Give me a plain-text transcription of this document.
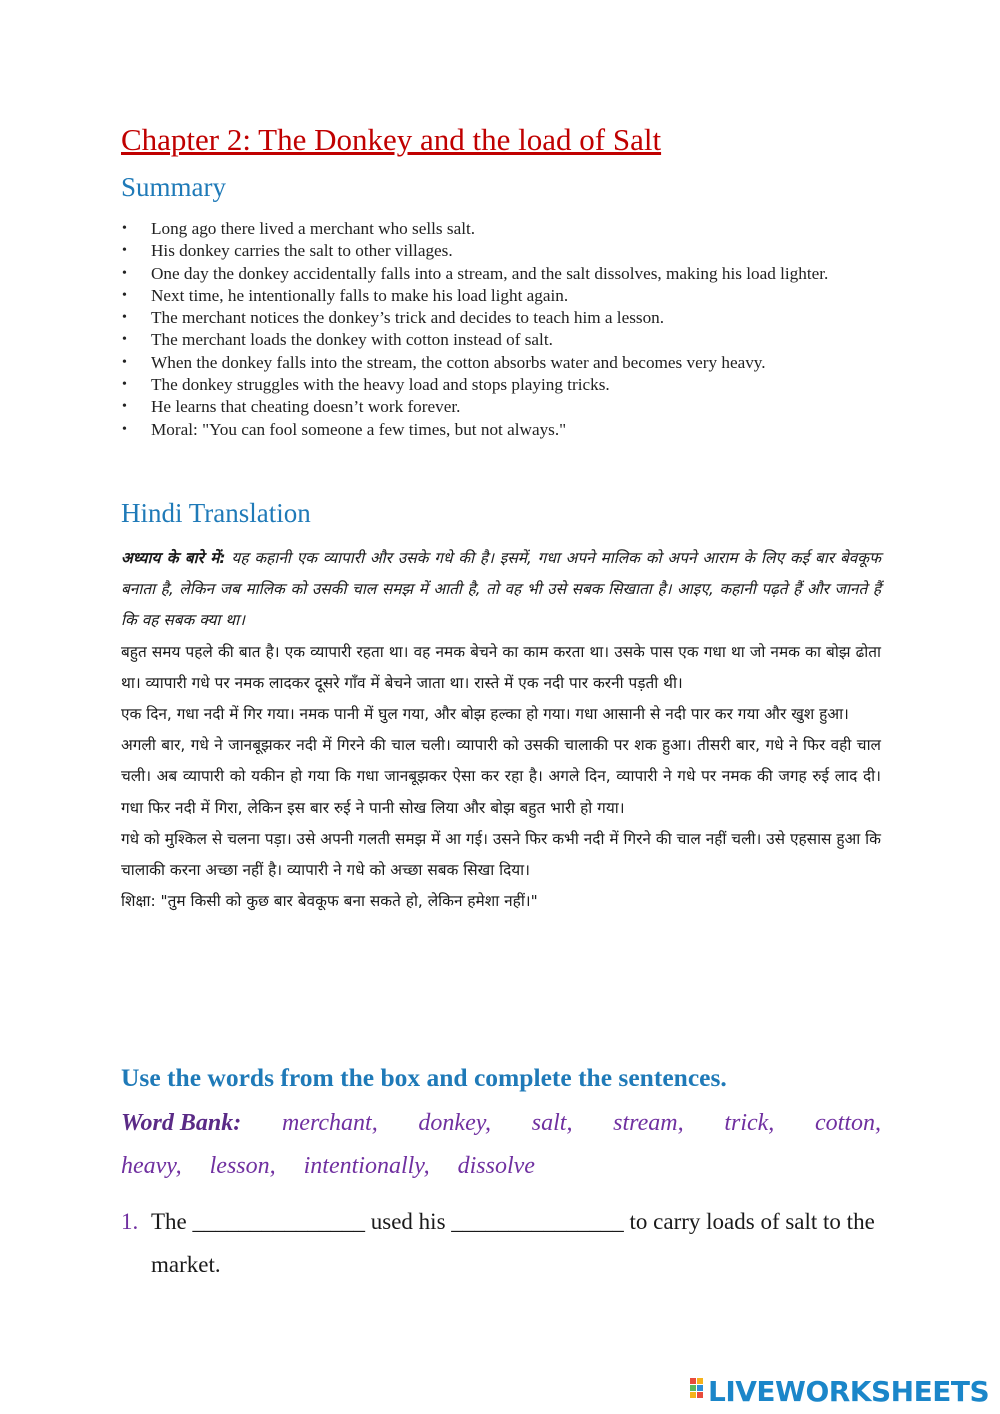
Chapter 2: The Donkey and the load of Salt
Summary
• Long ago there lived a merchant who sells salt.
• His donkey carries the salt to other villages.
• One day the donkey accidentally falls into a stream, and the salt dissolves, making his load lighter.
• Next time, he intentionally falls to make his load light again.
• The merchant notices the donkey’s trick and decides to teach him a lesson.
• The merchant loads the donkey with cotton instead of salt.
• When the donkey falls into the stream, the cotton absorbs water and becomes very heavy.
• The donkey struggles with the heavy load and stops playing tricks.
• He learns that cheating doesn’t work forever.
• Moral: "You can fool someone a few times, but not always."
Hindi Translation

अध्याय के बारे में: यह कहानी एक व्यापारी और उसके गधे की है। इसमें, गधा अपने मालिक को अपने आराम के लिए कई बार बेवकूफ बनाता है, लेकिन जब मालिक को उसकी चाल समझ में आती है, तो वह भी उसे सबक सिखाता है। आइए, कहानी पढ़ते हैं और जानते हैं कि वह सबक क्या था।

बहुत समय पहले की बात है। एक व्यापारी रहता था। वह नमक बेचने का काम करता था। उसके पास एक गधा था जो नमक का बोझ ढोता था। व्यापारी गधे पर नमक लादकर दूसरे गाँव में बेचने जाता था। रास्ते में एक नदी पार करनी पड़ती थी।

एक दिन, गधा नदी में गिर गया। नमक पानी में घुल गया, और बोझ हल्का हो गया। गधा आसानी से नदी पार कर गया और खुश हुआ।

अगली बार, गधे ने जानबूझकर नदी में गिरने की चाल चली। व्यापारी को उसकी चालाकी पर शक हुआ। तीसरी बार, गधे ने फिर वही चाल चली। अब व्यापारी को यकीन हो गया कि गधा जानबूझकर ऐसा कर रहा है। अगले दिन, व्यापारी ने गधे पर नमक की जगह रुई लाद दी। गधा फिर नदी में गिरा, लेकिन इस बार रुई ने पानी सोख लिया और बोझ बहुत भारी हो गया।

गधे को मुश्किल से चलना पड़ा। उसे अपनी गलती समझ में आ गई। उसने फिर कभी नदी में गिरने की चाल नहीं चली। उसे एहसास हुआ कि चालाकी करना अच्छा नहीं है। व्यापारी ने गधे को अच्छा सबक सिखा दिया।

शिक्षा: "तुम किसी को कुछ बार बेवकूफ बना सकते हो, लेकिन हमेशा नहीं।"

Use the words from the box and complete the sentences.
Word Bank: merchant, donkey, salt, stream, trick, cotton,
heavy, lesson, intentionally, dissolve
1. The _______________ used his _______________ to carry loads of salt to the market.
LIVEWORKSHEETS
